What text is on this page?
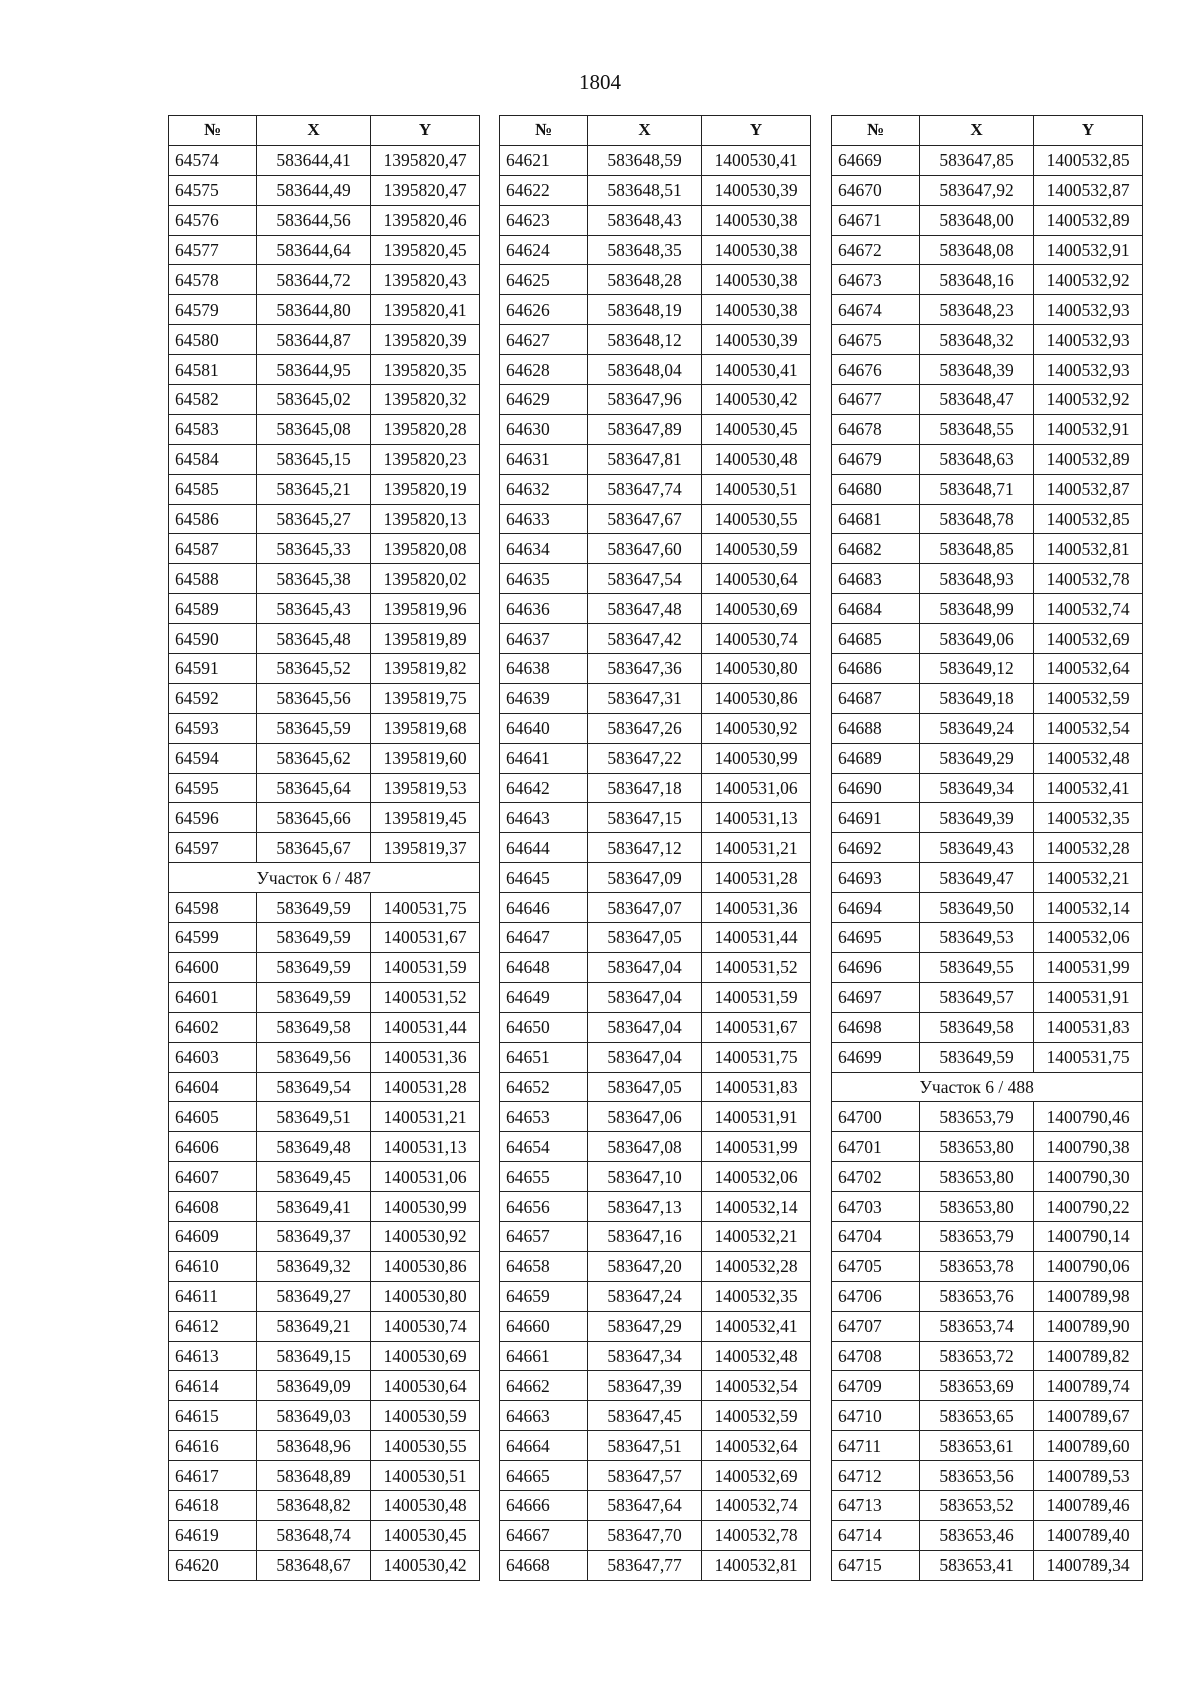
1804
№	X	Y
64574	583644,41	1395820,47
64575	583644,49	1395820,47
64576	583644,56	1395820,46
64577	583644,64	1395820,45
64578	583644,72	1395820,43
64579	583644,80	1395820,41
64580	583644,87	1395820,39
64581	583644,95	1395820,35
64582	583645,02	1395820,32
64583	583645,08	1395820,28
64584	583645,15	1395820,23
64585	583645,21	1395820,19
64586	583645,27	1395820,13
64587	583645,33	1395820,08
64588	583645,38	1395820,02
64589	583645,43	1395819,96
64590	583645,48	1395819,89
64591	583645,52	1395819,82
64592	583645,56	1395819,75
64593	583645,59	1395819,68
64594	583645,62	1395819,60
64595	583645,64	1395819,53
64596	583645,66	1395819,45
64597	583645,67	1395819,37
	Участок 6 / 487	
64598	583649,59	1400531,75
64599	583649,59	1400531,67
64600	583649,59	1400531,59
64601	583649,59	1400531,52
64602	583649,58	1400531,44
64603	583649,56	1400531,36
64604	583649,54	1400531,28
64605	583649,51	1400531,21
64606	583649,48	1400531,13
64607	583649,45	1400531,06
64608	583649,41	1400530,99
64609	583649,37	1400530,92
64610	583649,32	1400530,86
64611	583649,27	1400530,80
64612	583649,21	1400530,74
64613	583649,15	1400530,69
64614	583649,09	1400530,64
64615	583649,03	1400530,59
64616	583648,96	1400530,55
64617	583648,89	1400530,51
64618	583648,82	1400530,48
64619	583648,74	1400530,45
64620	583648,67	1400530,42
№	X	Y
64621	583648,59	1400530,41
64622	583648,51	1400530,39
64623	583648,43	1400530,38
64624	583648,35	1400530,38
64625	583648,28	1400530,38
64626	583648,19	1400530,38
64627	583648,12	1400530,39
64628	583648,04	1400530,41
64629	583647,96	1400530,42
64630	583647,89	1400530,45
64631	583647,81	1400530,48
64632	583647,74	1400530,51
64633	583647,67	1400530,55
64634	583647,60	1400530,59
64635	583647,54	1400530,64
64636	583647,48	1400530,69
64637	583647,42	1400530,74
64638	583647,36	1400530,80
64639	583647,31	1400530,86
64640	583647,26	1400530,92
64641	583647,22	1400530,99
64642	583647,18	1400531,06
64643	583647,15	1400531,13
64644	583647,12	1400531,21
64645	583647,09	1400531,28
64646	583647,07	1400531,36
64647	583647,05	1400531,44
64648	583647,04	1400531,52
64649	583647,04	1400531,59
64650	583647,04	1400531,67
64651	583647,04	1400531,75
64652	583647,05	1400531,83
64653	583647,06	1400531,91
64654	583647,08	1400531,99
64655	583647,10	1400532,06
64656	583647,13	1400532,14
64657	583647,16	1400532,21
64658	583647,20	1400532,28
64659	583647,24	1400532,35
64660	583647,29	1400532,41
64661	583647,34	1400532,48
64662	583647,39	1400532,54
64663	583647,45	1400532,59
64664	583647,51	1400532,64
64665	583647,57	1400532,69
64666	583647,64	1400532,74
64667	583647,70	1400532,78
64668	583647,77	1400532,81
№	X	Y
64669	583647,85	1400532,85
64670	583647,92	1400532,87
64671	583648,00	1400532,89
64672	583648,08	1400532,91
64673	583648,16	1400532,92
64674	583648,23	1400532,93
64675	583648,32	1400532,93
64676	583648,39	1400532,93
64677	583648,47	1400532,92
64678	583648,55	1400532,91
64679	583648,63	1400532,89
64680	583648,71	1400532,87
64681	583648,78	1400532,85
64682	583648,85	1400532,81
64683	583648,93	1400532,78
64684	583648,99	1400532,74
64685	583649,06	1400532,69
64686	583649,12	1400532,64
64687	583649,18	1400532,59
64688	583649,24	1400532,54
64689	583649,29	1400532,48
64690	583649,34	1400532,41
64691	583649,39	1400532,35
64692	583649,43	1400532,28
64693	583649,47	1400532,21
64694	583649,50	1400532,14
64695	583649,53	1400532,06
64696	583649,55	1400531,99
64697	583649,57	1400531,91
64698	583649,58	1400531,83
64699	583649,59	1400531,75
	Участок 6 / 488	
64700	583653,79	1400790,46
64701	583653,80	1400790,38
64702	583653,80	1400790,30
64703	583653,80	1400790,22
64704	583653,79	1400790,14
64705	583653,78	1400790,06
64706	583653,76	1400789,98
64707	583653,74	1400789,90
64708	583653,72	1400789,82
64709	583653,69	1400789,74
64710	583653,65	1400789,67
64711	583653,61	1400789,60
64712	583653,56	1400789,53
64713	583653,52	1400789,46
64714	583653,46	1400789,40
64715	583653,41	1400789,34
